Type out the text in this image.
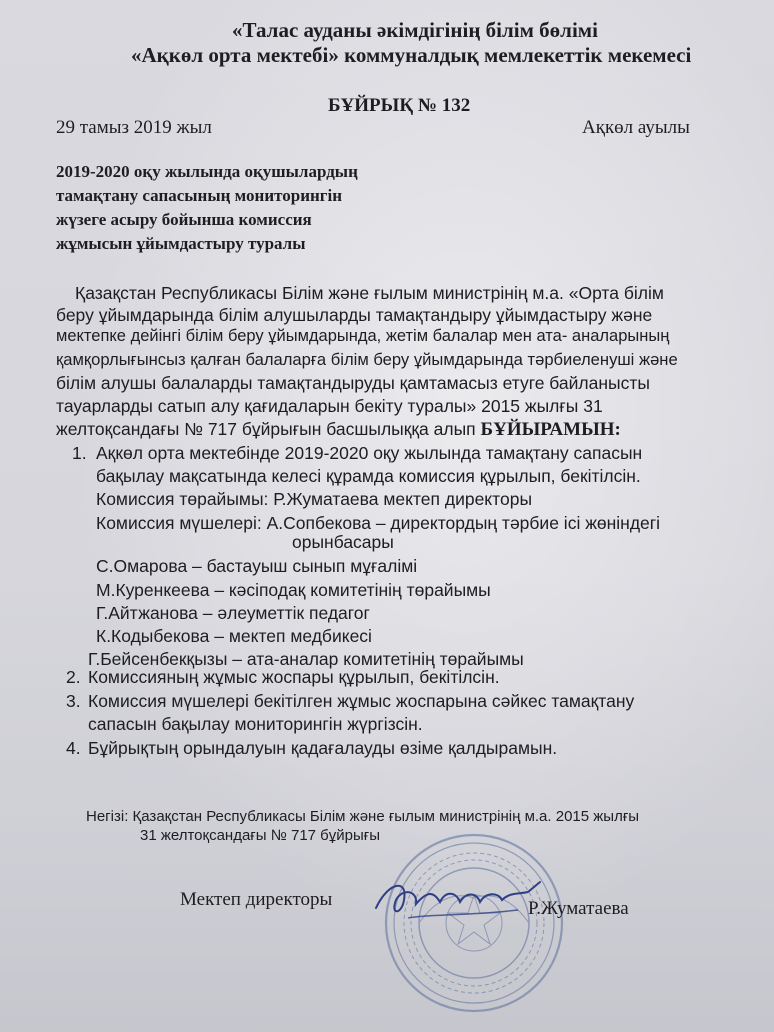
«Талас ауданы әкімдігінің білім бөлімі
«Ақкөл орта мектебі» коммуналдық мемлекеттік мекемесі
БҰЙРЫҚ № 132
29 тамыз 2019 жыл	Ақкөл ауылы
2019-2020 оқу жылында оқушылардың
тамақтану сапасының мониторингін
жүзеге асыру бойынша комиссия
жұмысын ұйымдастыру туралы
Қазақстан Республикасы Білім және ғылым министрінің м.а. «Орта білім
беру ұйымдарында білім алушыларды тамақтандыру ұйымдастыру және
мектепке дейінгі білім беру ұйымдарында, жетім балалар мен ата- аналарының
қамқорлығынсыз қалған балаларға білім беру ұйымдарында тәрбиеленуші және
білім алушы балаларды тамақтандыруды қамтамасыз етуге байланысты
тауарларды сатып алу қағидаларын бекіту туралы» 2015 жылғы 31
желтоқсандағы № 717 бұйрығын басшылыққа алып БҰЙЫРАМЫН:
1. Ақкөл орта мектебінде 2019-2020 оқу жылында тамақтану сапасын
бақылау мақсатында келесі құрамда комиссия құрылып, бекітілсін.
Комиссия төрайымы: Р.Жуматаева мектеп директоры
Комиссия мүшелері: А.Сопбекова – директордың тәрбие ісі жөніндегі
орынбасары
С.Омарова – бастауыш сынып мұғалімі
М.Куренкеева – кәсіподақ комитетінің төрайымы
Г.Айтжанова – әлеуметтік педагог
К.Кодыбекова – мектеп медбикесі
Г.Бейсенбекқызы – ата-аналар комитетінің төрайымы
2. Комиссияның жұмыс жоспары құрылып, бекітілсін.
3. Комиссия мүшелері бекітілген жұмыс жоспарына сәйкес тамақтану
сапасын бақылау мониторингін жүргізсін.
4. Бұйрықтың орындалуын қадағалауды өзіме қалдырамын.
Негізі: Қазақстан Республикасы Білім және ғылым министрінің м.а. 2015 жылғы
31 желтоқсандағы № 717 бұйрығы
Мектеп директоры	Р.Жуматаева
